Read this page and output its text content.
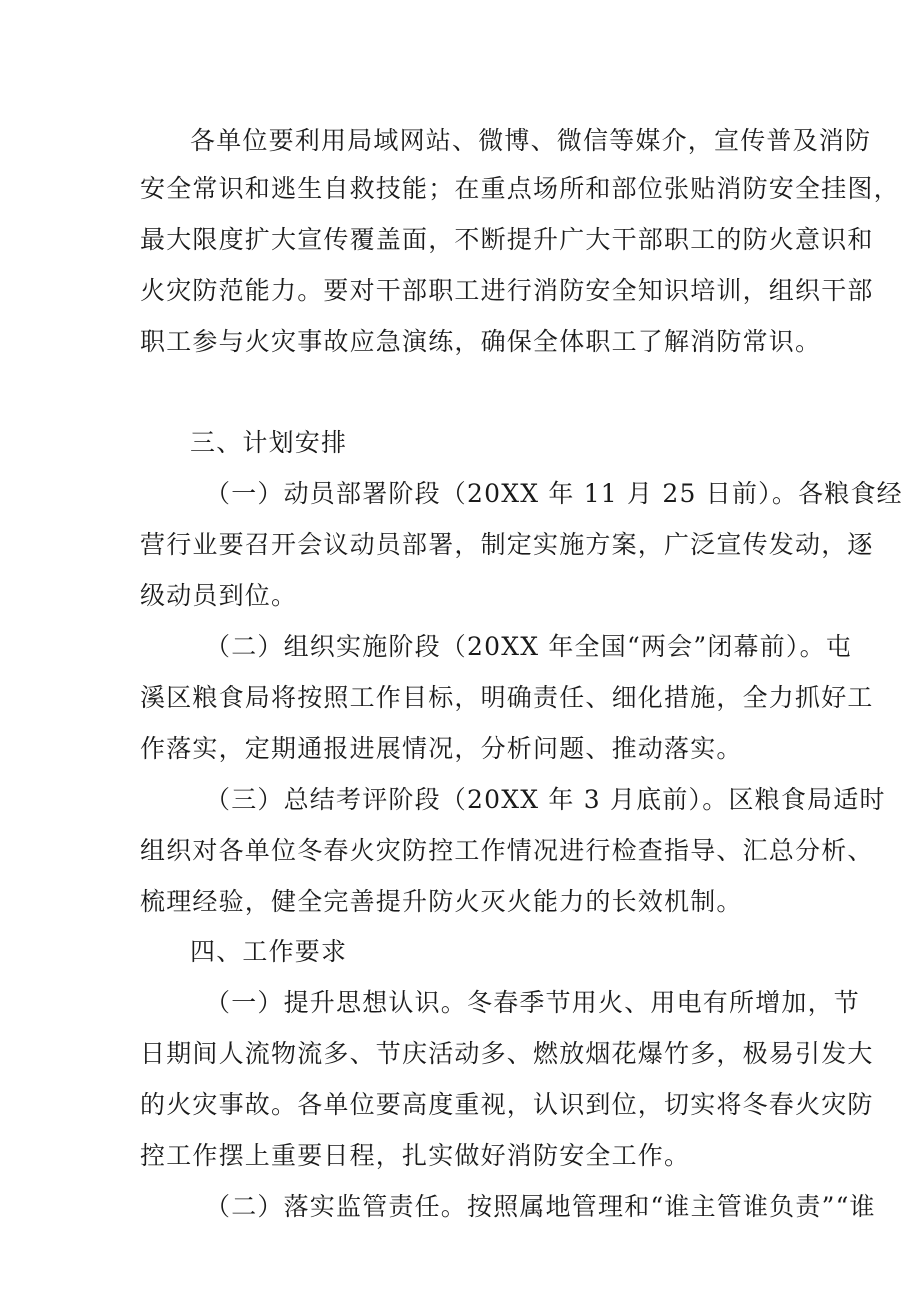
各单位要利用局域网站、微博、微信等媒介，宣传普及消防
安全常识和逃生自救技能；在重点场所和部位张贴消防安全挂图，
最大限度扩大宣传覆盖面，不断提升广大干部职工的防火意识和
火灾防范能力。要对干部职工进行消防安全知识培训，组织干部
职工参与火灾事故应急演练，确保全体职工了解消防常识。
三、计划安排
（一）动员部署阶段（20XX 年 11 月 25 日前）。各粮食经
营行业要召开会议动员部署，制定实施方案，广泛宣传发动，逐
级动员到位。
（二）组织实施阶段（20XX 年全国“两会”闭幕前）。屯
溪区粮食局将按照工作目标，明确责任、细化措施，全力抓好工
作落实，定期通报进展情况，分析问题、推动落实。
（三）总结考评阶段（20XX 年 3 月底前）。区粮食局适时
组织对各单位冬春火灾防控工作情况进行检查指导、汇总分析、
梳理经验，健全完善提升防火灭火能力的长效机制。
四、工作要求
（一）提升思想认识。冬春季节用火、用电有所增加，节
日期间人流物流多、节庆活动多、燃放烟花爆竹多，极易引发大
的火灾事故。各单位要高度重视，认识到位，切实将冬春火灾防
控工作摆上重要日程，扎实做好消防安全工作。
（二）落实监管责任。按照属地管理和“谁主管谁负责”“谁
